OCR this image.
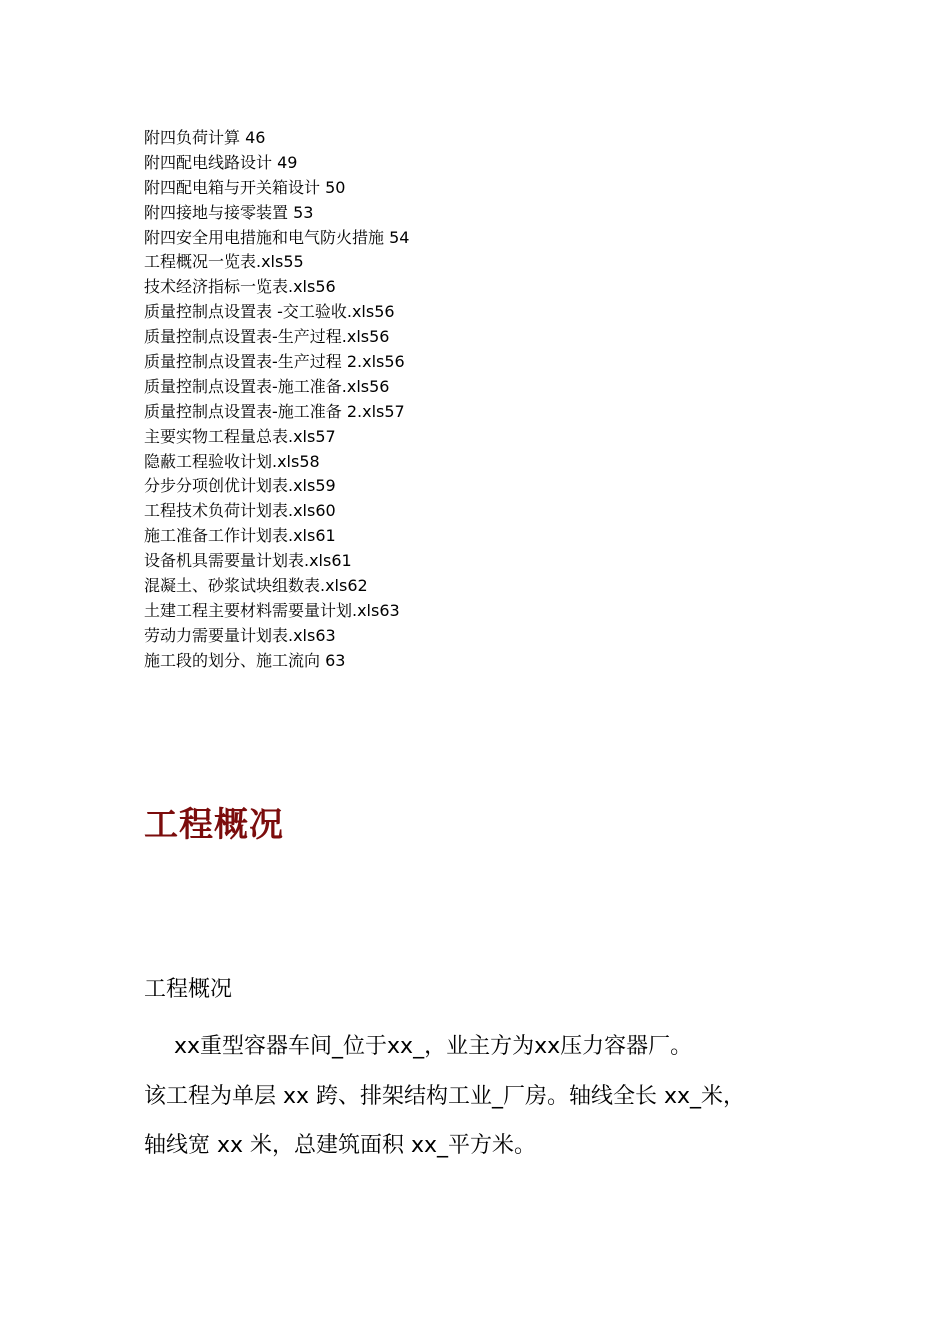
附四负荷计算 46
附四配电线路设计 49
附四配电箱与开关箱设计 50
附四接地与接零装置 53
附四安全用电措施和电气防火措施 54
工程概况一览表.xls55
技术经济指标一览表.xls56
质量控制点设置表 -交工验收.xls56
质量控制点设置表-生产过程.xls56
质量控制点设置表-生产过程 2.xls56
质量控制点设置表-施工准备.xls56
质量控制点设置表-施工准备 2.xls57
主要实物工程量总表.xls57
隐蔽工程验收计划.xls58
分步分项创优计划表.xls59
工程技术负荷计划表.xls60
施工准备工作计划表.xls61
设备机具需要量计划表.xls61
混凝土、砂浆试块组数表.xls62
土建工程主要材料需要量计划.xls63
劳动力需要量计划表.xls63
施工段的划分、施工流向 63
工程概况
工程概况

xx重型容器车间_位于xx_，业主方为xx压力容器厂。
该工程为单层 xx 跨、排架结构工业_厂房。轴线全长 xx_米，
轴线宽 xx 米，总建筑面积 xx_平方米。
